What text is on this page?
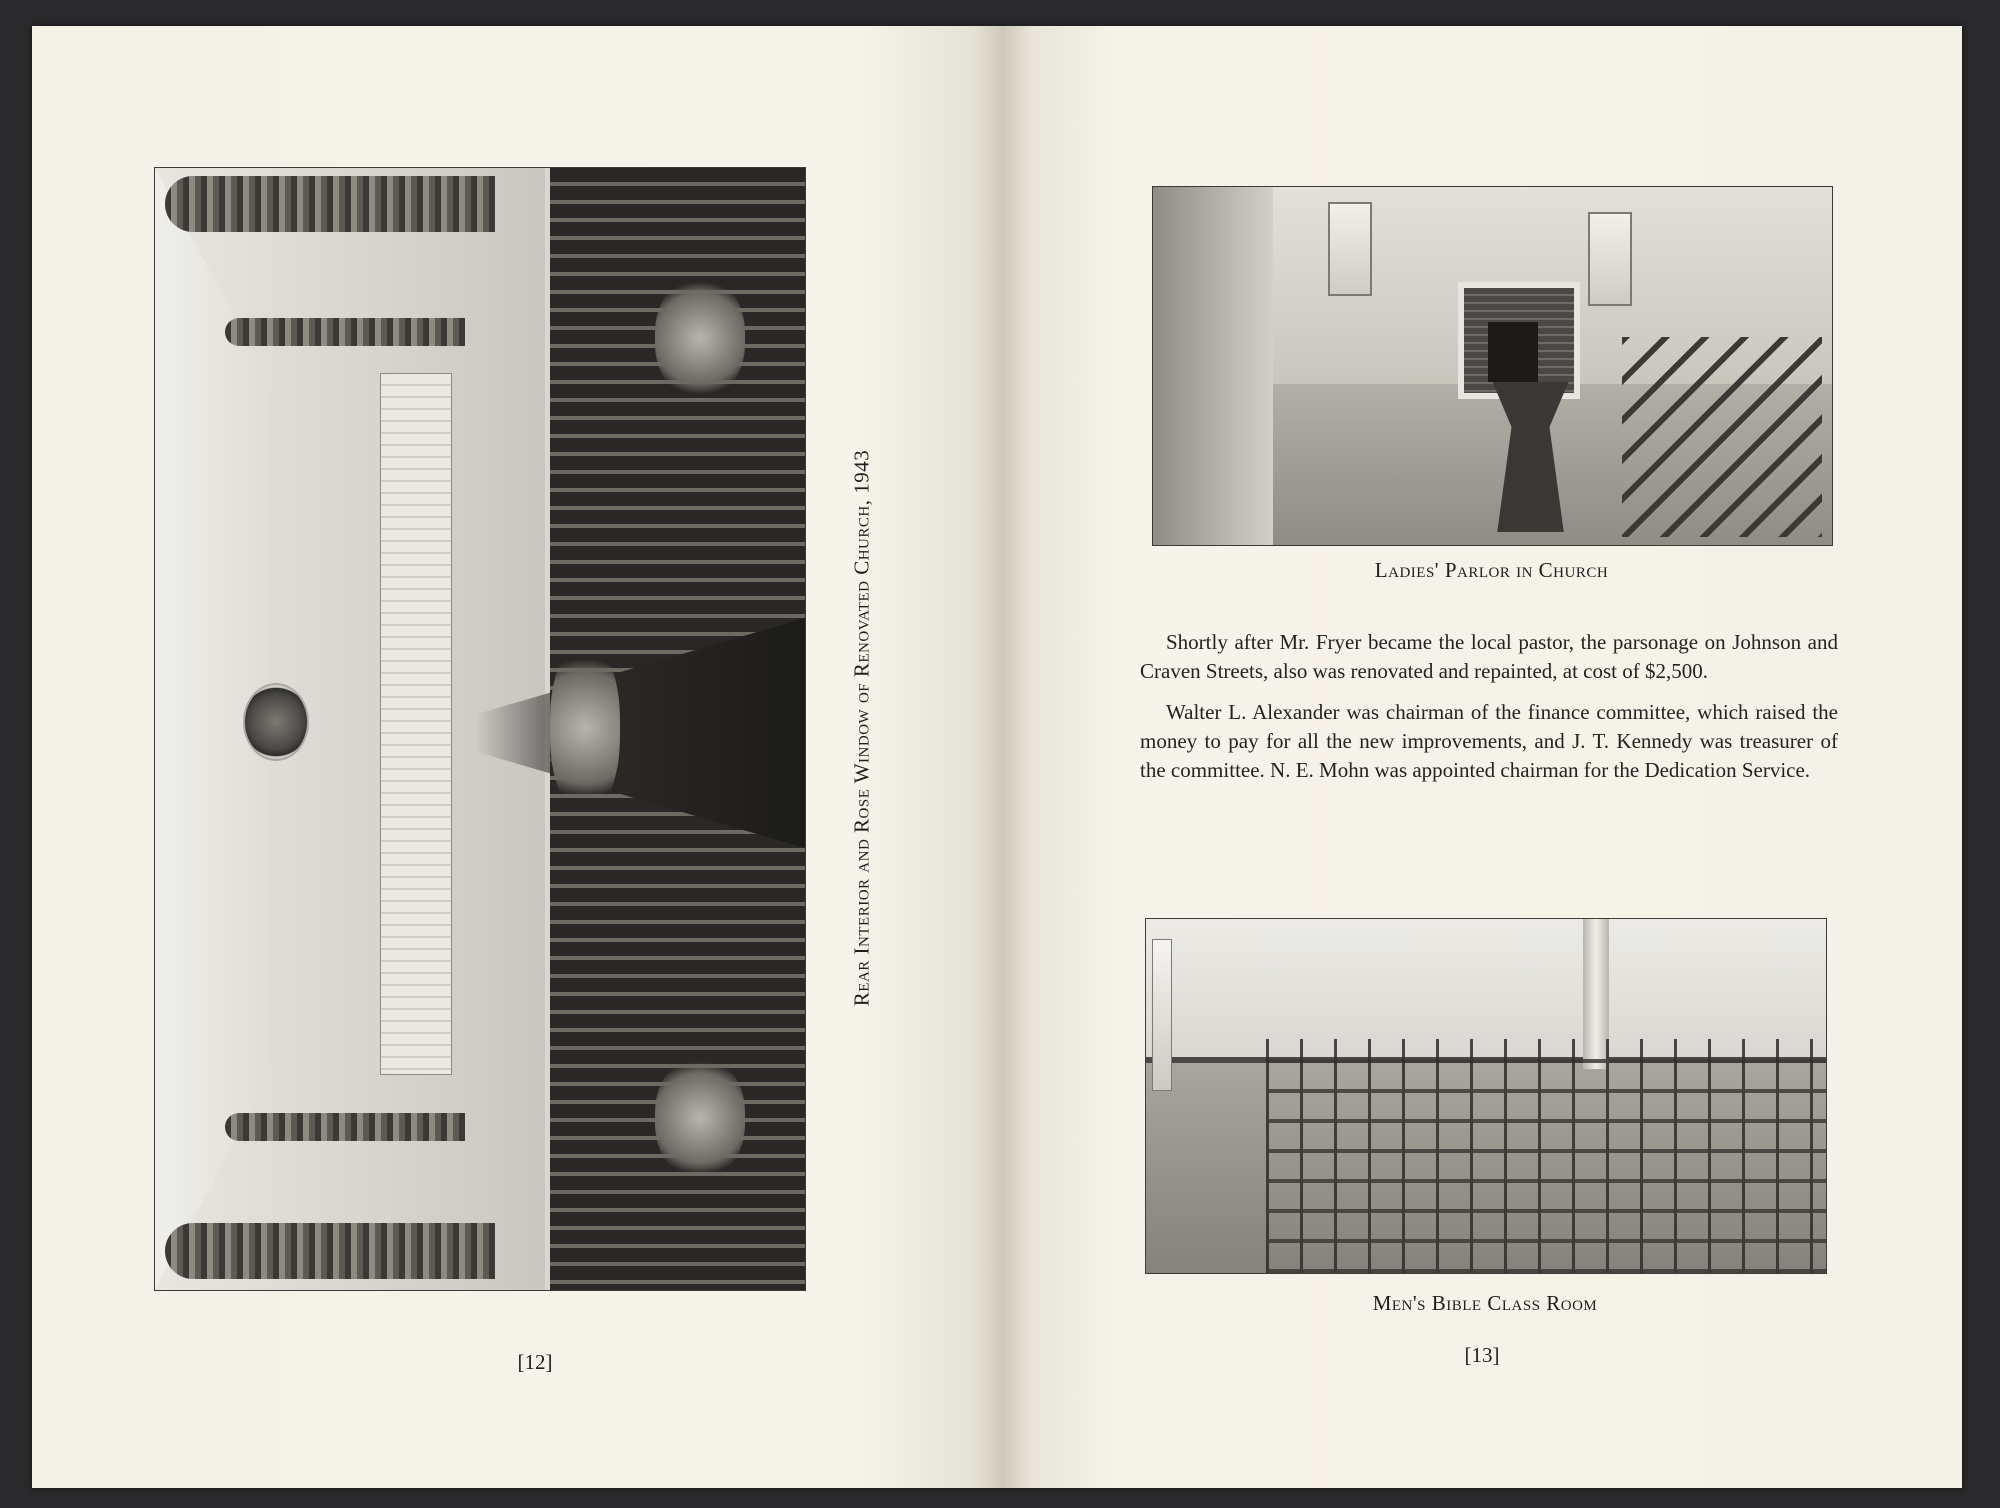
Rear Interior and Rose Window of Renovated Church, 1943
[12]
Ladies' Parlor in Church

Shortly after Mr. Fryer became the local pastor, the parsonage on Johnson and Craven Streets, also was renovated and repainted, at cost of $2,500.

Walter L. Alexander was chairman of the finance committee, which raised the money to pay for all the new improvements, and J. T. Kennedy was treasurer of the committee. N. E. Mohn was appointed chairman for the Dedication Service.

Men's Bible Class Room
[13]
